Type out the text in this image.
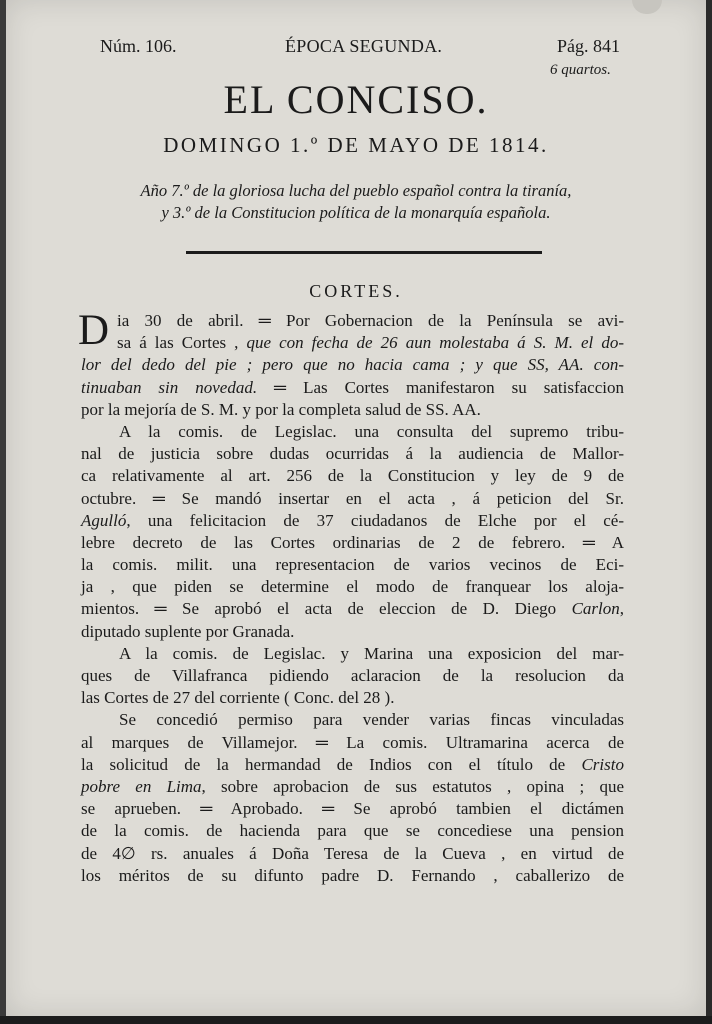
Núm. 106.	ÉPOCA SEGUNDA.	Pág. 841
6 quartos.
EL CONCISO.
DOMINGO 1.º DE MAYO DE 1814.
Año 7.º de la gloriosa lucha del pueblo español contra la tiranía,
y 3.º de la Constitucion política de la monarquía española.
CORTES.
D ia 30 de abril. ═ Por Gobernacion de la Península se avi-
sa á las Cortes , que con fecha de 26 aun molestaba á S. M. el do-
lor del dedo del pie ; pero que no hacia cama ; y que SS, AA. con-
tinuaban sin novedad. ═ Las Cortes manifestaron su satisfaccion
por la mejoría de S. M. y por la completa salud de SS. AA.
A la comis. de Legislac. una consulta del supremo tribu-
nal de justicia sobre dudas ocurridas á la audiencia de Mallor-
ca relativamente al art. 256 de la Constitucion y ley de 9 de
octubre. ═ Se mandó insertar en el acta , á peticion del Sr.
Agulló, una felicitacion de 37 ciudadanos de Elche por el cé-
lebre decreto de las Cortes ordinarias de 2 de febrero. ═ A
la comis. milit. una representacion de varios vecinos de Eci-
ja , que piden se determine el modo de franquear los aloja-
mientos. ═ Se aprobó el acta de eleccion de D. Diego Carlon,
diputado suplente por Granada.
A la comis. de Legislac. y Marina una exposicion del mar-
ques de Villafranca pidiendo aclaracion de la resolucion da
las Cortes de 27 del corriente ( Conc. del 28 ).
Se concedió permiso para vender varias fincas vinculadas
al marques de Villamejor. ═ La comis. Ultramarina acerca de
la solicitud de la hermandad de Indios con el título de Cristo
pobre en Lima, sobre aprobacion de sus estatutos , opina ; que
se aprueben. ═ Aprobado. ═ Se aprobó tambien el dictámen
de la comis. de hacienda para que se concediese una pension
de 4∅ rs. anuales á Doña Teresa de la Cueva , en virtud de
los méritos de su difunto padre D. Fernando , caballerizo de
